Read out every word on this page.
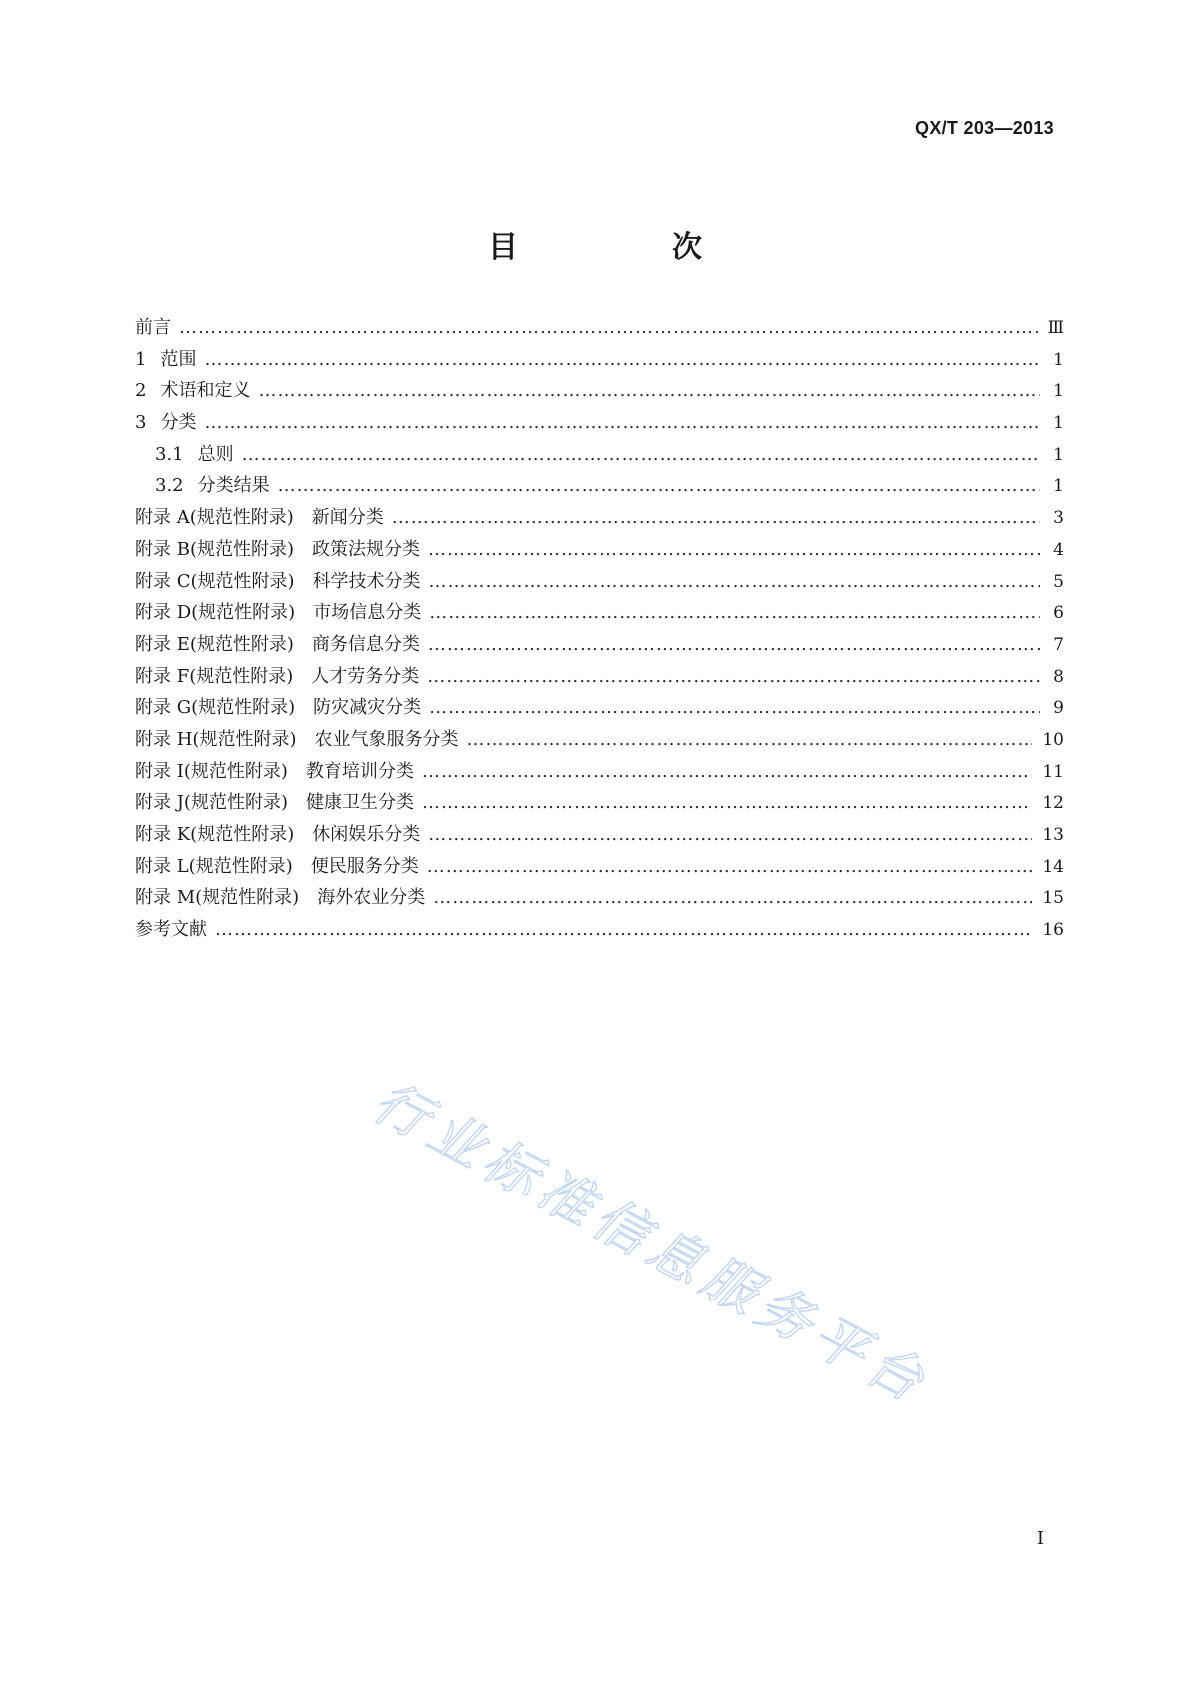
QX/T 203—2013
目　次
前言 ………………………………………………………………………………………………………………………………………………………………………………	Ⅲ
1 范围 ………………………………………………………………………………………………………………………………………………………………………………	1
2 术语和定义 ………………………………………………………………………………………………………………………………………………………………………………	1
3 分类 ………………………………………………………………………………………………………………………………………………………………………………	1
3.1 总则 ………………………………………………………………………………………………………………………………………………………………………………	1
3.2 分类结果 ………………………………………………………………………………………………………………………………………………………………………………	1
附录 A(规范性附录)　新闻分类 ………………………………………………………………………………………………………………………………………………………………………………	3
附录 B(规范性附录)　政策法规分类 ………………………………………………………………………………………………………………………………………………………………………………	4
附录 C(规范性附录)　科学技术分类 ………………………………………………………………………………………………………………………………………………………………………………	5
附录 D(规范性附录)　市场信息分类 ………………………………………………………………………………………………………………………………………………………………………………	6
附录 E(规范性附录)　商务信息分类 ………………………………………………………………………………………………………………………………………………………………………………	7
附录 F(规范性附录)　人才劳务分类 ………………………………………………………………………………………………………………………………………………………………………………	8
附录 G(规范性附录)　防灾减灾分类 ………………………………………………………………………………………………………………………………………………………………………………	9
附录 H(规范性附录)　农业气象服务分类 ………………………………………………………………………………………………………………………………………………………………………………	10
附录 I(规范性附录)　教育培训分类 ………………………………………………………………………………………………………………………………………………………………………………	11
附录 J(规范性附录)　健康卫生分类 ………………………………………………………………………………………………………………………………………………………………………………	12
附录 K(规范性附录)　休闲娱乐分类 ………………………………………………………………………………………………………………………………………………………………………………	13
附录 L(规范性附录)　便民服务分类 ………………………………………………………………………………………………………………………………………………………………………………	14
附录 M(规范性附录)　海外农业分类 ………………………………………………………………………………………………………………………………………………………………………………	15
参考文献 ………………………………………………………………………………………………………………………………………………………………………………	16
行业标准信息服务平台
I
